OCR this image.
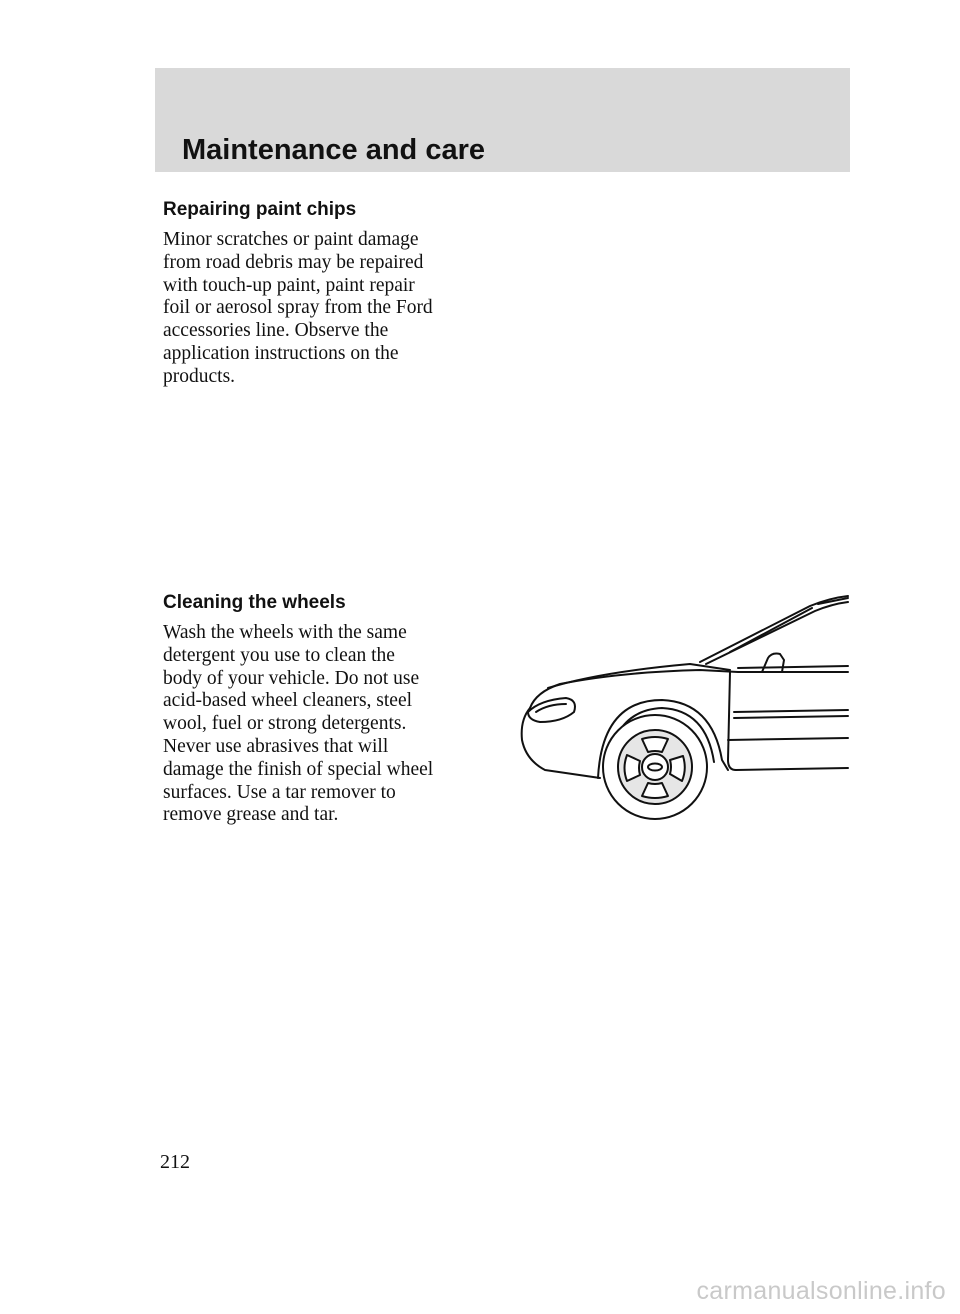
Maintenance and care
Repairing paint chips

Minor scratches or paint damage
from road debris may be repaired
with touch-up paint, paint repair
foil or aerosol spray from the Ford
accessories line. Observe the
application instructions on the
products.

Cleaning the wheels

Wash the wheels with the same
detergent you use to clean the
body of your vehicle. Do not use
acid-based wheel cleaners, steel
wool, fuel or strong detergents.
Never use abrasives that will
damage the finish of special wheel
surfaces. Use a tar remover to
remove grease and tar.

212

carmanualsonline.info
